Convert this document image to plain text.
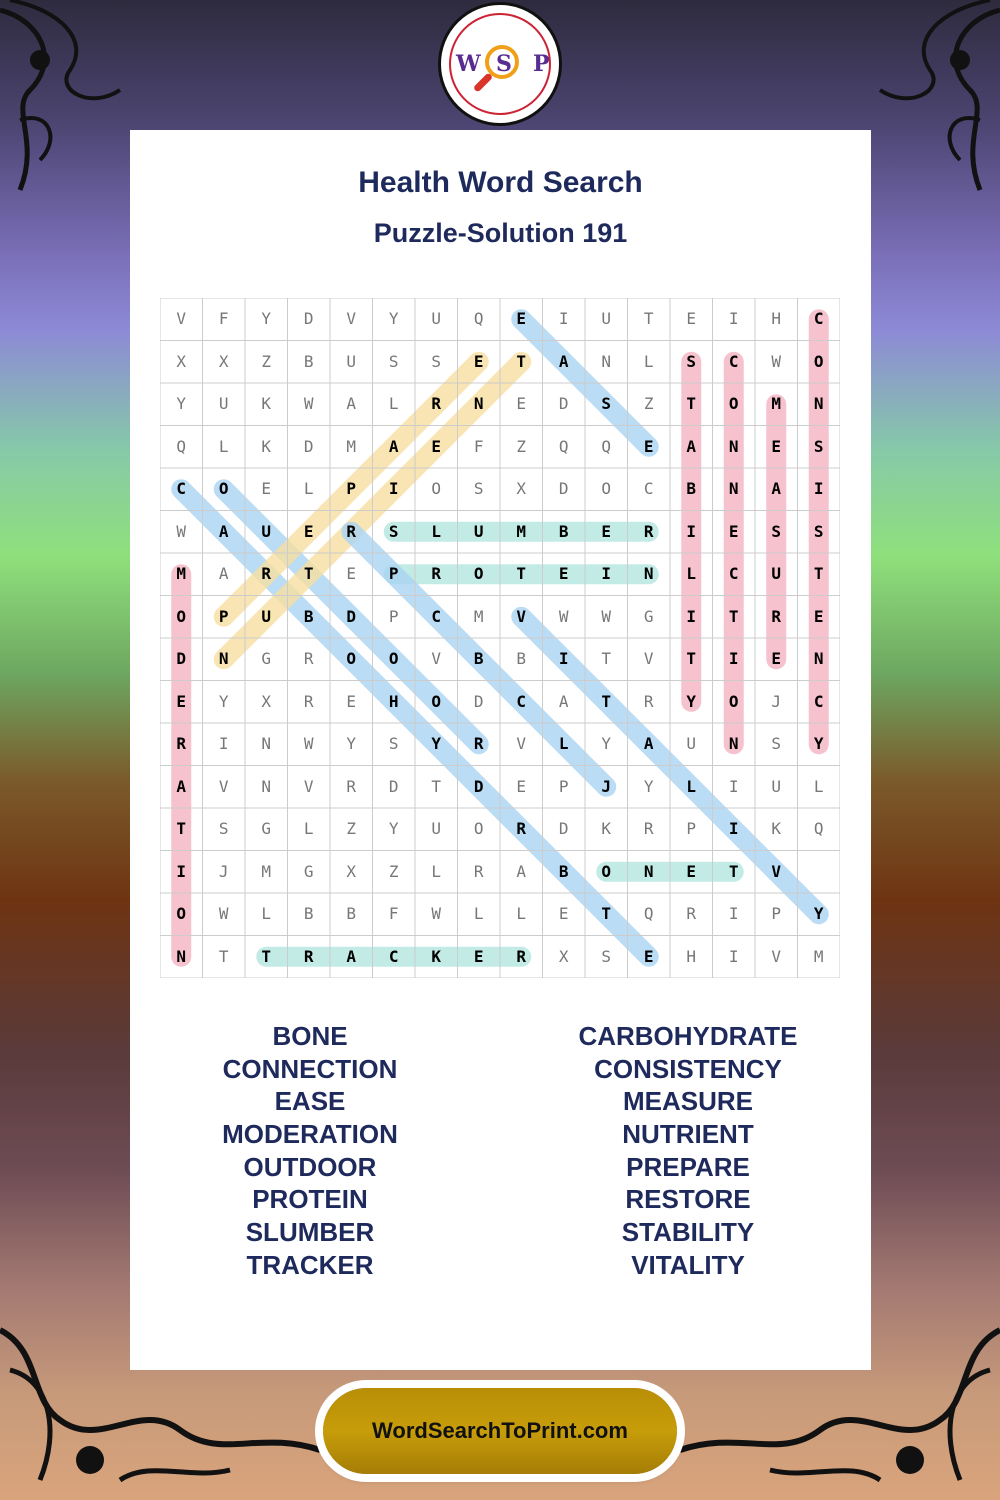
W S P
Health Word Search
Puzzle-Solution 191
V	F	Y	D	V	Y	U	Q	E	I	U	T	E	I	H	C
X	X	Z	B	U	S	S	E	T	A	N	L	S	C	W	O
Y	U	K	W	A	L	R	N	E	D	S	Z	T	O	M	N
Q	L	K	D	M	A	E	F	Z	Q	Q	E	A	N	E	S
C	O	E	L	P	I	O	S	X	D	O	C	B	N	A	I
W	A	U	E	R	S	L	U	M	B	E	R	I	E	S	S
M	A	R	T	E	P	R	O	T	E	I	N	L	C	U	T
O	P	U	B	D	P	C	M	V	W	W	G	I	T	R	E
D	N	G	R	O	O	V	B	B	I	T	V	T	I	E	N
E	Y	X	R	E	H	O	D	C	A	T	R	Y	O	J	C
R	I	N	W	Y	S	Y	R	V	L	Y	A	U	N	S	Y
A	V	N	V	R	D	T	D	E	P	J	Y	L	I	U	L
T	S	G	L	Z	Y	U	O	R	D	K	R	P	I	K	Q
I	J	M	G	X	Z	L	R	A	B	O	N	E	T	V
O	W	L	B	B	F	W	L	L	E	T	Q	R	I	P	Y
N	T	T	R	A	C	K	E	R	X	S	E	H	I	V	M
BONE
CONNECTION
EASE
MODERATION
OUTDOOR
PROTEIN
SLUMBER
TRACKER
CARBOHYDRATE
CONSISTENCY
MEASURE
NUTRIENT
PREPARE
RESTORE
STABILITY
VITALITY
WordSearchToPrint.com
